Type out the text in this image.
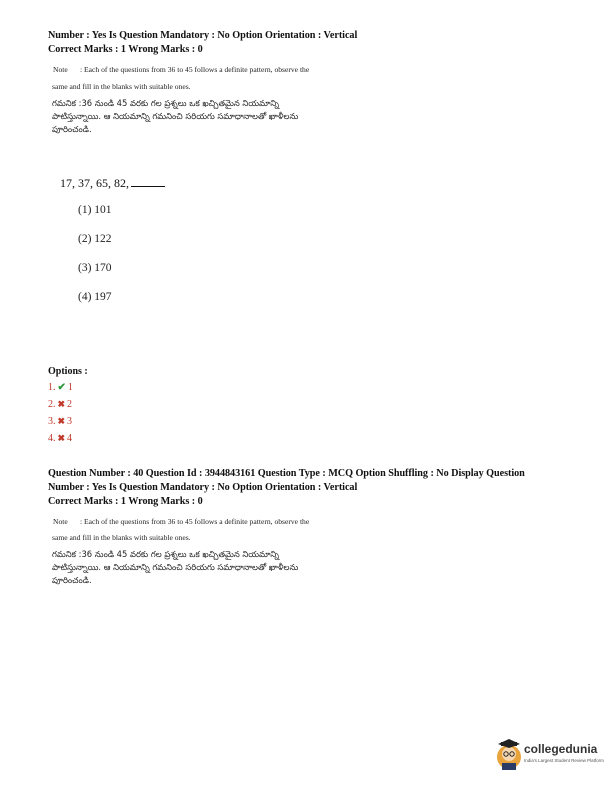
Number : Yes Is Question Mandatory : No Option Orientation : Vertical
Correct Marks : 1 Wrong Marks : 0
Note : Each of the questions from 36 to 45 follows a definite pattern, observe the
same and fill in the blanks with suitable ones.
గమనిక :36 నుండి 45 వరకు గల ప్రశ్నలు ఒక ఖచ్చితమైన నియమాన్ని
పాటిస్తున్నాయి. ఆ నియమాన్ని గమనించి సరియగు సమాధానాలతో ఖాళీలను
పూరించండి.
17, 37, 65, 82,
(1) 101
(2) 122
(3) 170
(4) 197
Options :
1. ✔ 1
2. ✖ 2
3. ✖ 3
4. ✖ 4
Question Number : 40 Question Id : 3944843161 Question Type : MCQ Option Shuffling : No Display Question
Number : Yes Is Question Mandatory : No Option Orientation : Vertical
Correct Marks : 1 Wrong Marks : 0
Note : Each of the questions from 36 to 45 follows a definite pattern, observe the
same and fill in the blanks with suitable ones.
గమనిక :36 నుండి 45 వరకు గల ప్రశ్నలు ఒక ఖచ్చితమైన నియమాన్ని
పాటిస్తున్నాయి. ఆ నియమాన్ని గమనించి సరియగు సమాధానాలతో ఖాళీలను
పూరించండి.
collegedunia
India's Largest Student Review Platform
